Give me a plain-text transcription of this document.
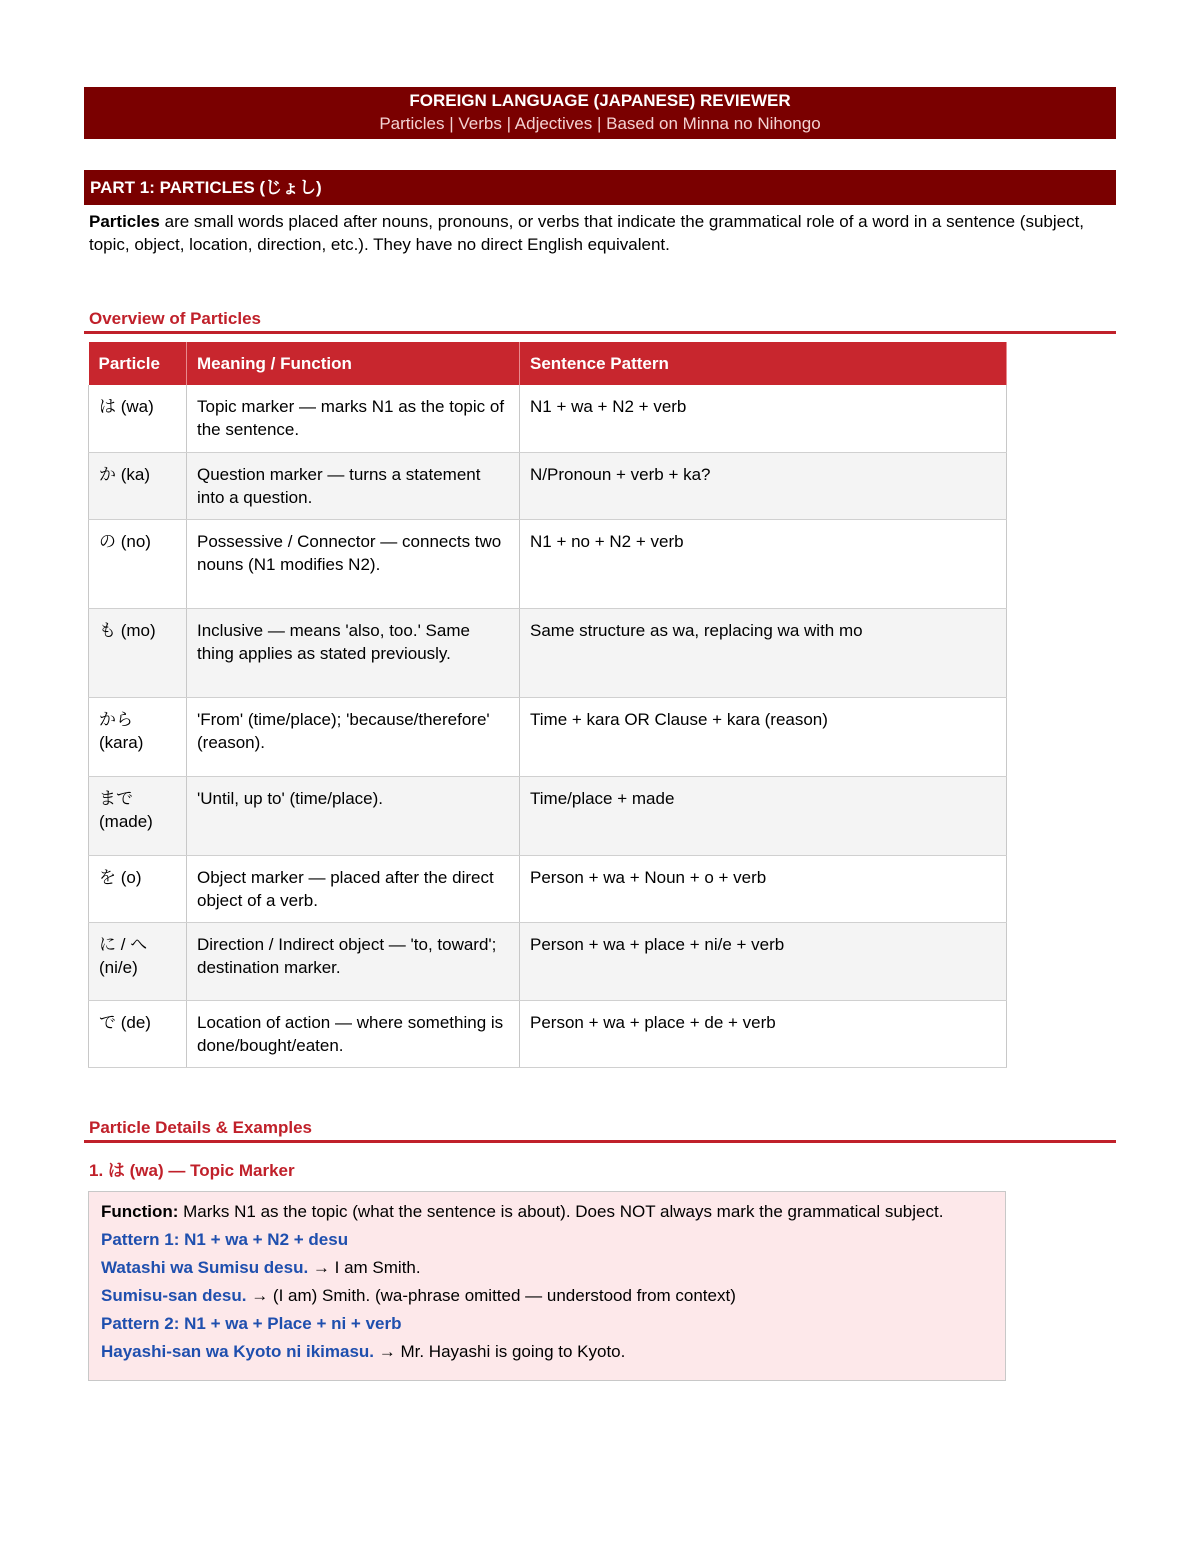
FOREIGN LANGUAGE (JAPANESE) REVIEWER
Particles | Verbs | Adjectives | Based on Minna no Nihongo
PART 1: PARTICLES (じょし)
Particles are small words placed after nouns, pronouns, or verbs that indicate the grammatical role of a word in a sentence (subject, topic, object, location, direction, etc.). They have no direct English equivalent.
Overview of Particles
Particle	Meaning / Function	Sentence Pattern
は (wa)	Topic marker — marks N1 as the topic of the sentence.	N1 + wa + N2 + verb
か (ka)	Question marker — turns a statement into a question.	N/Pronoun + verb + ka?
の (no)	Possessive / Connector — connects two nouns (N1 modifies N2).	N1 + no + N2 + verb
も (mo)	Inclusive — means 'also, too.' Same thing applies as stated previously.	Same structure as wa, replacing wa with mo
から (kara)	'From' (time/place); 'because/therefore' (reason).	Time + kara OR Clause + kara (reason)
まで (made)	'Until, up to' (time/place).	Time/place + made
を (o)	Object marker — placed after the direct object of a verb.	Person + wa + Noun + o + verb
に / へ (ni/e)	Direction / Indirect object — 'to, toward'; destination marker.	Person + wa + place + ni/e + verb
で (de)	Location of action — where something is done/bought/eaten.	Person + wa + place + de + verb
Particle Details & Examples
1. は (wa) — Topic Marker
Function: Marks N1 as the topic (what the sentence is about). Does NOT always mark the grammatical subject.
Pattern 1: N1 + wa + N2 + desu
Watashi wa Sumisu desu. → I am Smith.
Sumisu-san desu. → (I am) Smith. (wa-phrase omitted — understood from context)
Pattern 2: N1 + wa + Place + ni + verb
Hayashi-san wa Kyoto ni ikimasu. → Mr. Hayashi is going to Kyoto.
